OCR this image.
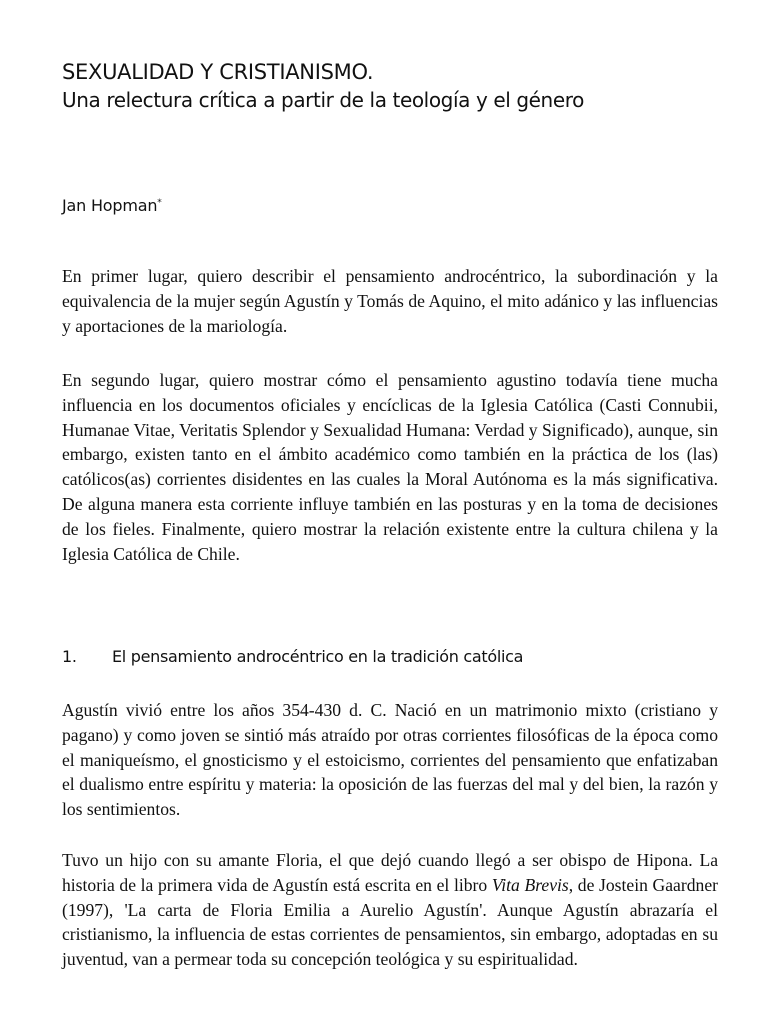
SEXUALIDAD Y CRISTIANISMO.
Una relectura crítica a partir de la teología y el género

Jan Hopman*

En primer lugar, quiero describir el pensamiento androcéntrico, la subordinación y la equivalencia de la mujer según Agustín y Tomás de Aquino, el mito adánico y las influencias y aportaciones de la mariología.

En segundo lugar, quiero mostrar cómo el pensamiento agustino todavía tiene mucha influencia en los documentos oficiales y encíclicas de la Iglesia Católica (Casti Connubii, Humanae Vitae, Veritatis Splendor y Sexualidad Humana: Verdad y Significado), aunque, sin embargo, existen tanto en el ámbito académico como también en la práctica de los (las) católicos(as) corrientes disidentes en las cuales la Moral Autónoma es la más significativa. De alguna manera esta corriente influye también en las posturas y en la toma de decisiones de los fieles. Finalmente, quiero mostrar la relación existente entre la cultura chilena y la Iglesia Católica de Chile.

1. El pensamiento androcéntrico en la tradición católica

Agustín vivió entre los años 354-430 d. C. Nació en un matrimonio mixto (cristiano y pagano) y como joven se sintió más atraído por otras corrientes filosóficas de la época como el maniqueísmo, el gnosticismo y el estoicismo, corrientes del pensamiento que enfatizaban el dualismo entre espíritu y materia: la oposición de las fuerzas del mal y del bien, la razón y los sentimientos.

Tuvo un hijo con su amante Floria, el que dejó cuando llegó a ser obispo de Hipona. La historia de la primera vida de Agustín está escrita en el libro Vita Brevis, de Jostein Gaardner (1997), 'La carta de Floria Emilia a Aurelio Agustín'. Aunque Agustín abrazaría el cristianismo, la influencia de estas corrientes de pensamientos, sin embargo, adoptadas en su juventud, van a permear toda su concepción teológica y su espiritualidad.
